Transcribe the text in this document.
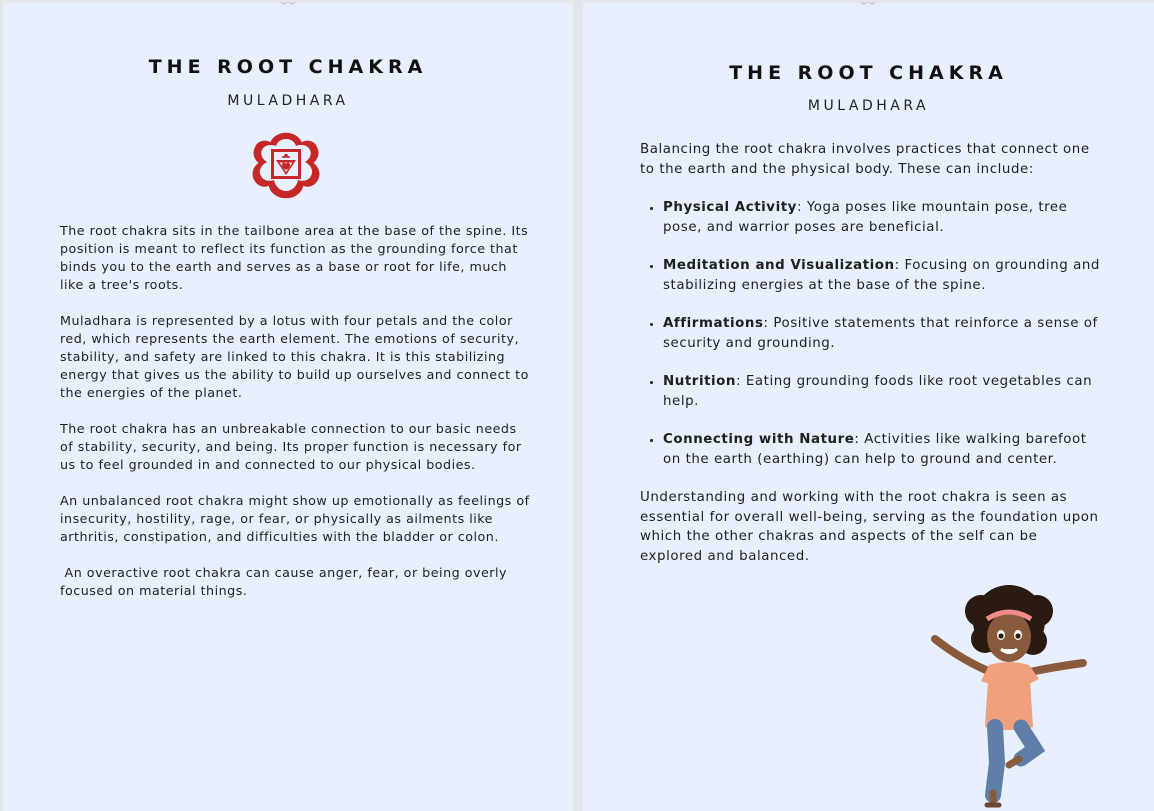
THE ROOT CHAKRA
MULADHARA

The root chakra sits in the tailbone area at the base of the spine. Its position is meant to reflect its function as the grounding force that binds you to the earth and serves as a base or root for life, much like a tree's roots.

Muladhara is represented by a lotus with four petals and the color red, which represents the earth element. The emotions of security, stability, and safety are linked to this chakra. It is this stabilizing energy that gives us the ability to build up ourselves and connect to the energies of the planet.

The root chakra has an unbreakable connection to our basic needs of stability, security, and being. Its proper function is necessary for us to feel grounded in and connected to our physical bodies.

An unbalanced root chakra might show up emotionally as feelings of insecurity, hostility, rage, or fear, or physically as ailments like arthritis, constipation, and difficulties with the bladder or colon.

An overactive root chakra can cause anger, fear, or being overly focused on material things.

THE ROOT CHAKRA
MULADHARA

Balancing the root chakra involves practices that connect one to the earth and the physical body. These can include:

• Physical Activity: Yoga poses like mountain pose, tree pose, and warrior poses are beneficial.
• Meditation and Visualization: Focusing on grounding and stabilizing energies at the base of the spine.
• Affirmations: Positive statements that reinforce a sense of security and grounding.
• Nutrition: Eating grounding foods like root vegetables can help.
• Connecting with Nature: Activities like walking barefoot on the earth (earthing) can help to ground and center.

Understanding and working with the root chakra is seen as essential for overall well-being, serving as the foundation upon which the other chakras and aspects of the self can be explored and balanced.
